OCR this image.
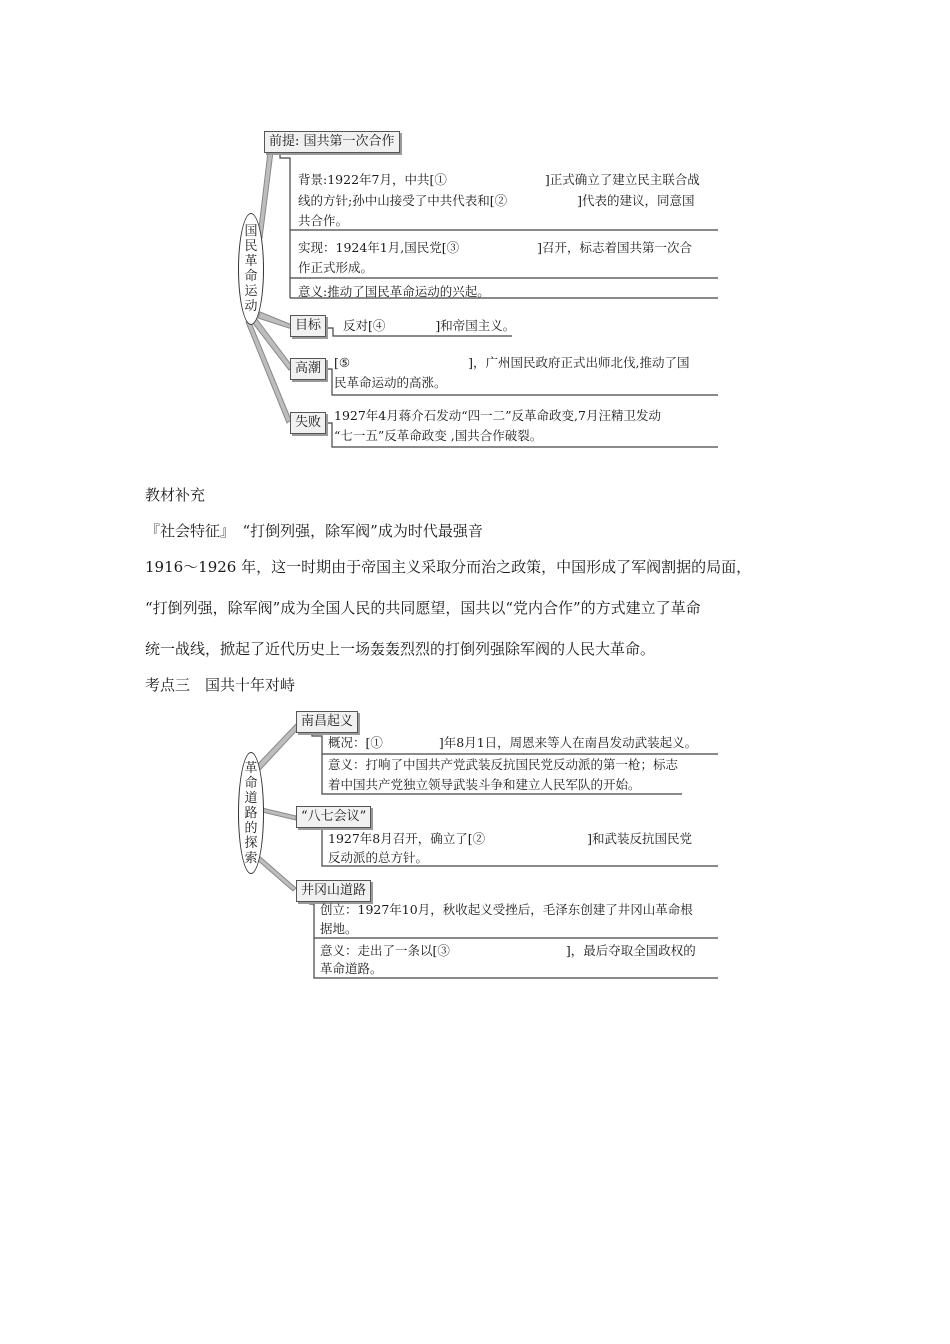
国民革命运动
前提: 国共第一次合作
背景:1922年7月，中共[①	]正式确立了建立民主联合战
线的方针;孙中山接受了中共代表和[②	]代表的建议，同意国
共合作。
实现：1924年1月,国民党[③	]召开，标志着国共第一次合
作正式形成。
意义:推动了国民革命运动的兴起。
目标	反对[④	]和帝国主义。
高潮	[⑤	]，广州国民政府正式出师北伐,推动了国
民革命运动的高涨。
失败	1927年4月蒋介石发动“四一二”反革命政变,7月汪精卫发动
“七一五”反革命政变 ,国共合作破裂。
教材补充
『社会特征』　“打倒列强，除军阀”成为时代最强音
1916～1926 年，这一时期由于帝国主义采取分而治之政策，中国形成了军阀割据的局面，
“打倒列强，除军阀”成为全国人民的共同愿望，国共以“党内合作”的方式建立了革命
统一战线，掀起了近代历史上一场轰轰烈烈的打倒列强除军阀的人民大革命。
考点三　国共十年对峙
革命道路的探索
南昌起义
概况：[①	]年8月1日，周恩来等人在南昌发动武装起义。
意义：打响了中国共产党武装反抗国民党反动派的第一枪；标志
着中国共产党独立领导武装斗争和建立人民军队的开始。
“八七会议”
1927年8月召开，确立了[②	]和武装反抗国民党
反动派的总方针。
井冈山道路
创立：1927年10月，秋收起义受挫后，毛泽东创建了井冈山革命根
据地。
意义：走出了一条以[③	]，最后夺取全国政权的
革命道路。
